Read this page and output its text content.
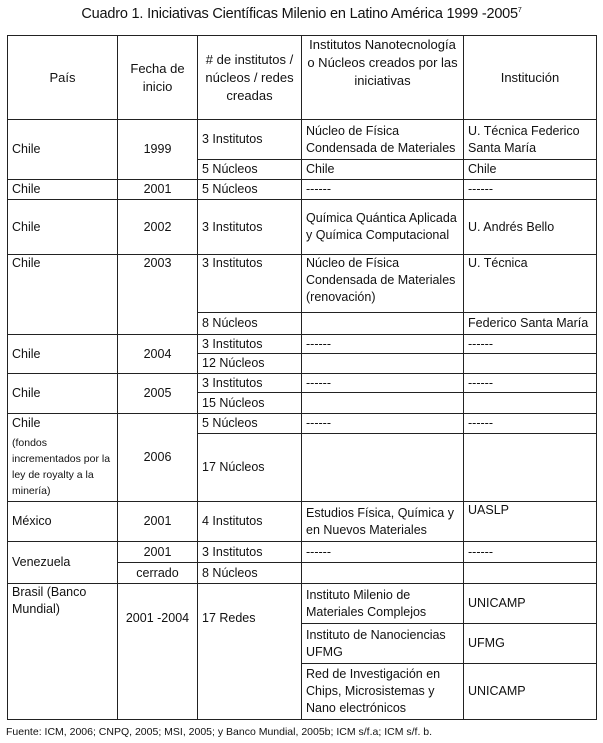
Cuadro 1. Iniciativas Científicas Milenio en Latino América 1999 -2005$^7$
País	Fecha de inicio	# de institutos / núcleos / redes creadas	Institutos Nanotecnología o Núcleos creados por las iniciativas	Institución
Chile	1999	3 Institutos	Núcleo de Física Condensada de Materiales	U. Técnica Federico Santa María
		5 Núcleos	Chile	Chile
Chile	2001	5 Núcleos	------	------
Chile	2002	3 Institutos	Química Quántica Aplicada y Química Computacional	U. Andrés Bello
Chile	2003	3 Institutos	Núcleo de Física Condensada de Materiales (renovación)	U. Técnica
		8 Núcleos		Federico Santa María
Chile	2004	3 Institutos	------	------
		12 Núcleos		
Chile	2005	3 Institutos	------	------
		15 Núcleos		
Chile	2006	5 Núcleos	------	------
(fondos incrementados por la ley de royalty a la minería)		17 Núcleos		
México	2001	4 Institutos	Estudios Física, Química y en Nuevos Materiales	UASLP
Venezuela	2001	3 Institutos	------	------
	cerrado	8 Núcleos		
Brasil (Banco Mundial)	2001 -2004	17 Redes	Instituto Milenio de Materiales Complejos	UNICAMP
			Instituto de Nanociencias UFMG	UFMG
			Red de Investigación en Chips, Microsistemas y Nano electrónicos	UNICAMP
Fuente: ICM, 2006; CNPQ, 2005; MSI, 2005; y Banco Mundial, 2005b; ICM s/f.a; ICM s/f. b.
